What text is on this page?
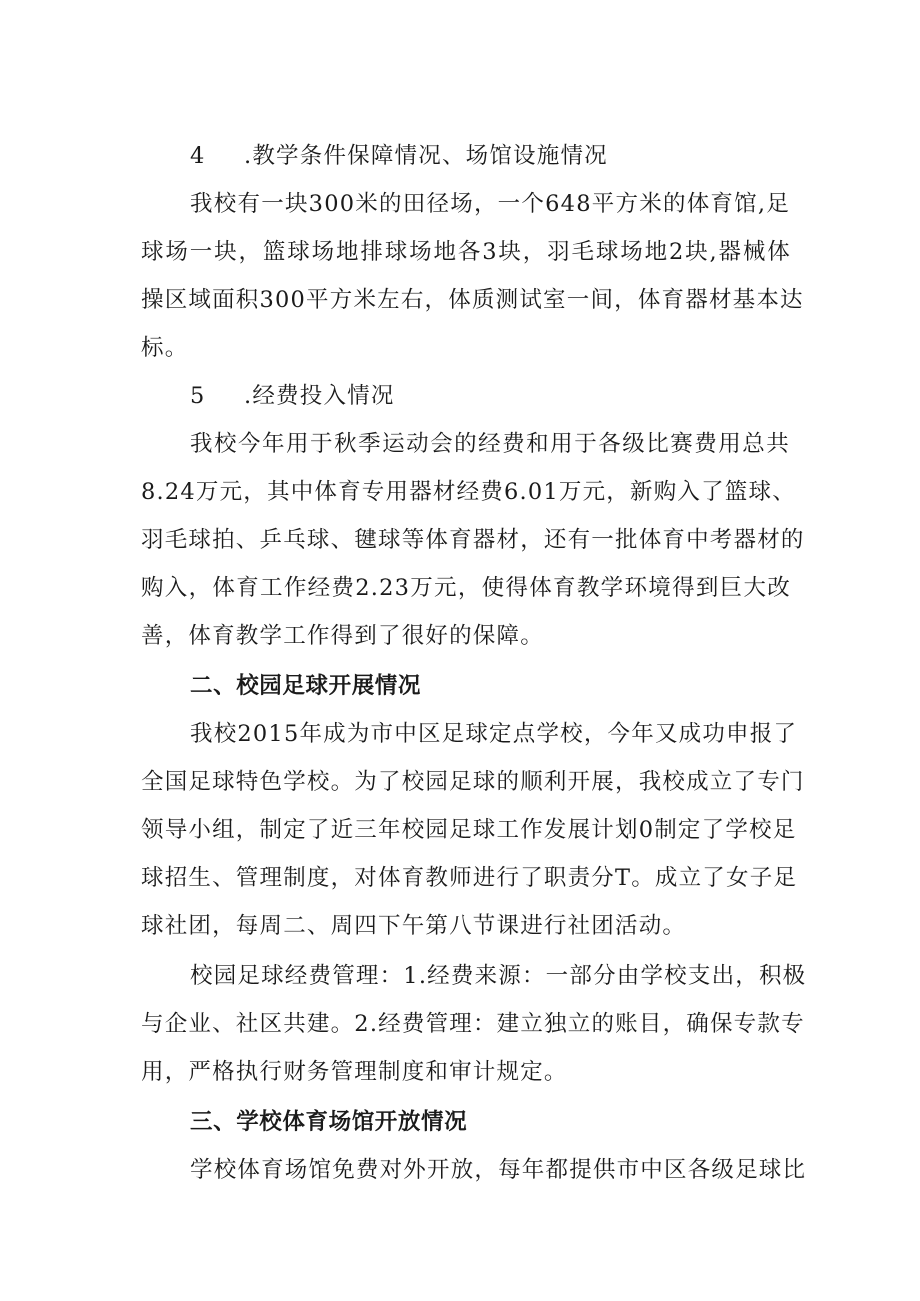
4 .教学条件保障情况、场馆设施情况
我校有一块300米的田径场，一个648平方米的体育馆,足
球场一块，篮球场地排球场地各3块，羽毛球场地2块,器械体
操区域面积300平方米左右，体质测试室一间，体育器材基本达
标。
5 .经费投入情况
我校今年用于秋季运动会的经费和用于各级比赛费用总共
8.24万元，其中体育专用器材经费6.01万元，新购入了篮球、
羽毛球拍、乒乓球、毽球等体育器材，还有一批体育中考器材的
购入，体育工作经费2.23万元，使得体育教学环境得到巨大改
善，体育教学工作得到了很好的保障。
二、校园足球开展情况
我校2015年成为市中区足球定点学校，今年又成功申报了
全国足球特色学校。为了校园足球的顺利开展，我校成立了专门
领导小组，制定了近三年校园足球工作发展计划0制定了学校足
球招生、管理制度，对体育教师进行了职责分T。成立了女子足
球社团，每周二、周四下午第八节课进行社团活动。
校园足球经费管理：1.经费来源：一部分由学校支出，积极
与企业、社区共建。2.经费管理：建立独立的账目，确保专款专
用，严格执行财务管理制度和审计规定。
三、学校体育场馆开放情况
学校体育场馆免费对外开放，每年都提供市中区各级足球比
